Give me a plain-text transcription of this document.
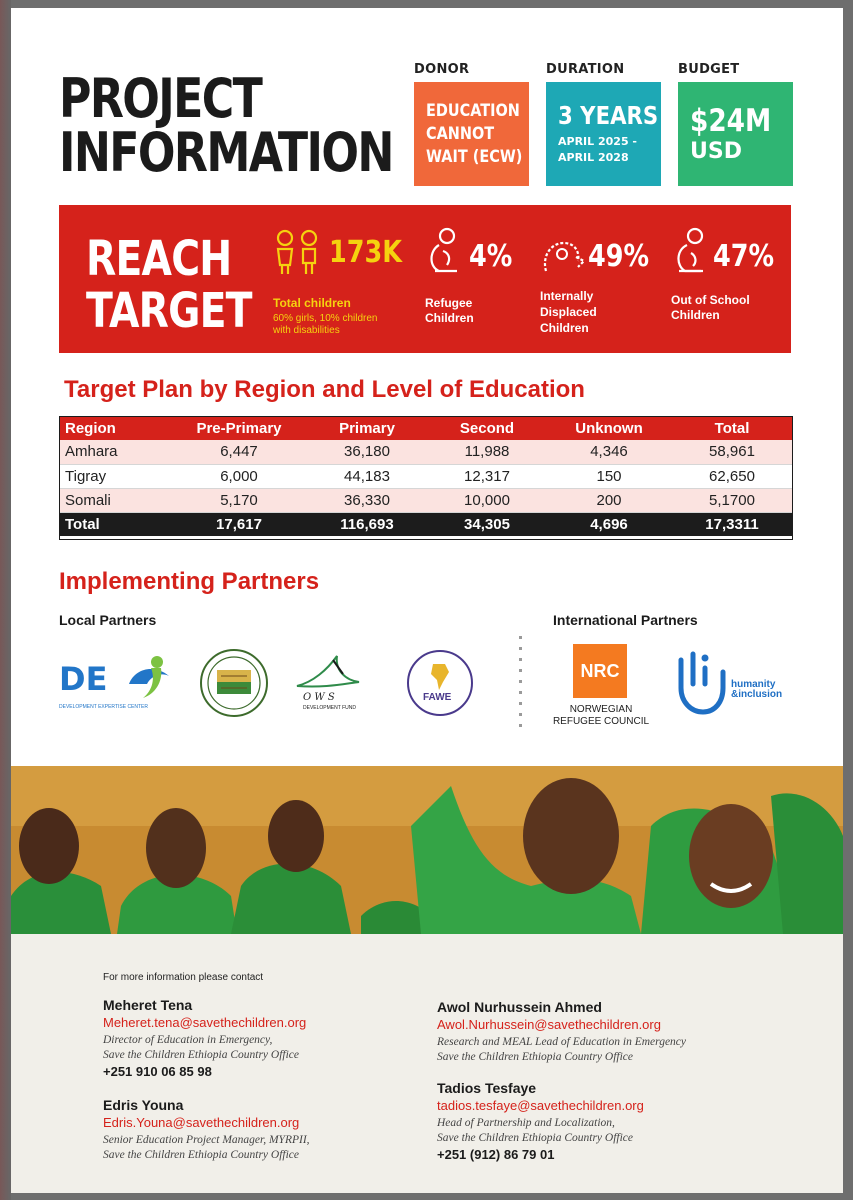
PROJECT
INFORMATION
DONOR
EDUCATION
CANNOT
WAIT (ECW)
DURATION
3 YEARS
APRIL 2025 -
APRIL 2028
BUDGET
$24M
USD
REACH
TARGET
173K
Total children
60% girls, 10% children
with disabilities
4%
Refugee
Children
49%
Internally
Displaced
Children
47%
Out of School
Children
Target Plan by Region and Level of Education
Region	Pre-Primary	Primary	Second	Unknown	Total
Amhara	6,447	36,180	11,988	4,346	58,961
Tigray	6,000	44,183	12,317	150	62,650
Somali	5,170	36,330	10,000	200	5,1700
Total	17,617	116,693	34,305	4,696	17,3311
Implementing Partners
Local Partners	International Partners
DE
DEVELOPMENT EXPERTISE CENTER
O W S
DEVELOPMENT FUND
FAWE
NRC
NORWEGIAN
REFUGEE COUNCIL
humanity
&inclusion
For more information please contact
Meheret Tena
Meheret.tena@savethechildren.org
Director of Education in Emergency,
Save the Children Ethiopia Country Office
+251 910 06 85 98
Edris Youna
Edris.Youna@savethechildren.org
Senior Education Project Manager, MYRPII,
Save the Children Ethiopia Country Office
Awol Nurhussein Ahmed
Awol.Nurhussein@savethechildren.org
Research and MEAL Lead of Education in Emergency
Save the Children Ethiopia Country Office
Tadios Tesfaye
tadios.tesfaye@savethechildren.org
Head of Partnership and Localization,
Save the Children Ethiopia Country Office
+251 (912) 86 79 01
